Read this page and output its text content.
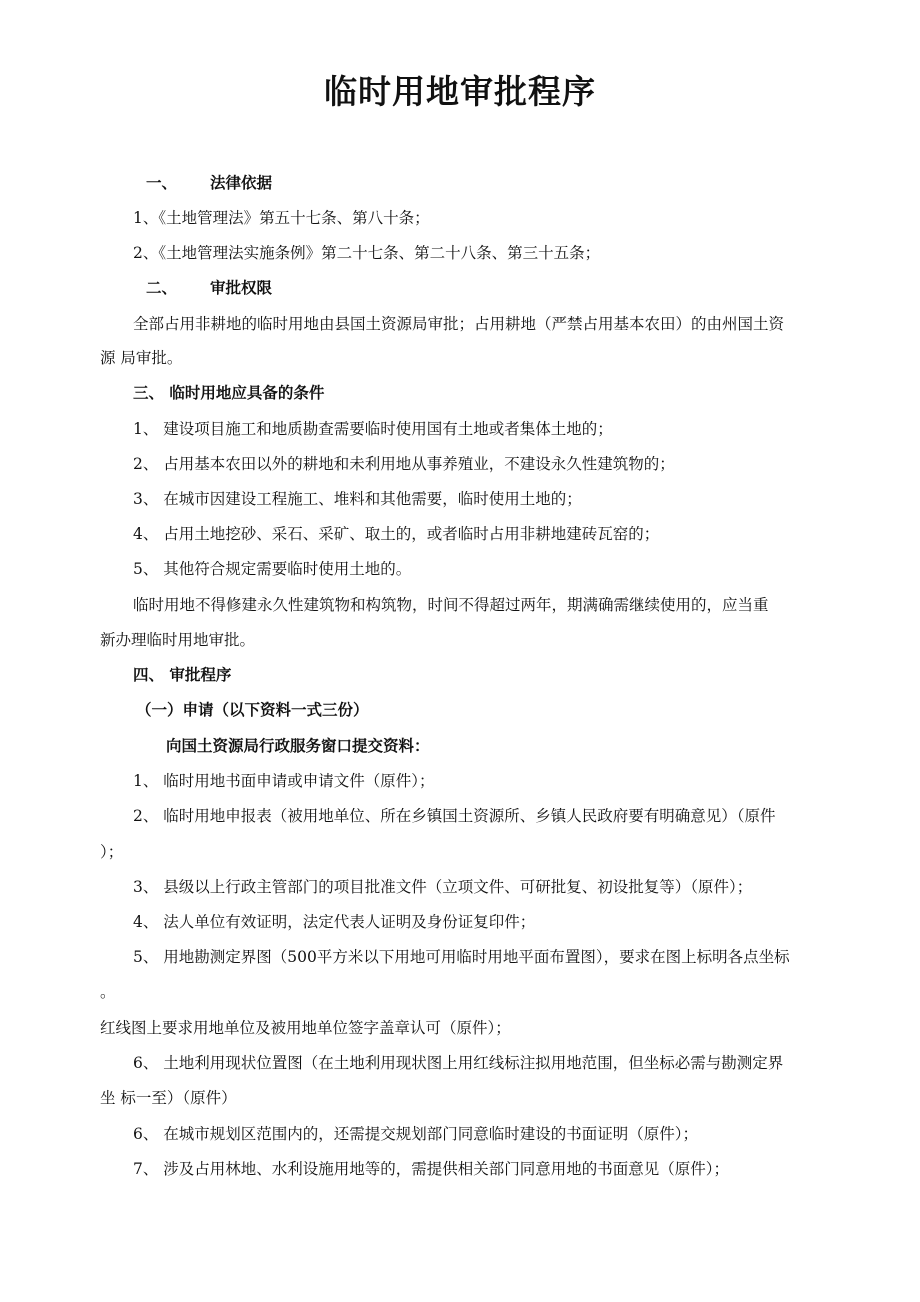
临时用地审批程序
一、 法律依据
1、《土地管理法》第五十七条、第八十条；
2、《土地管理法实施条例》第二十七条、第二十八条、第三十五条；
二、 审批权限
全部占用非耕地的临时用地由县国土资源局审批；占用耕地（严禁占用基本农田）的由州国土资
源 局审批。
三、 临时用地应具备的条件
1、 建设项目施工和地质勘查需要临时使用国有土地或者集体土地的；
2、 占用基本农田以外的耕地和未利用地从事养殖业，不建设永久性建筑物的；
3、 在城市因建设工程施工、堆料和其他需要，临时使用土地的；
4、 占用土地挖砂、采石、采矿、取土的，或者临时占用非耕地建砖瓦窑的；
5、 其他符合规定需要临时使用土地的。
临时用地不得修建永久性建筑物和构筑物，时间不得超过两年，期满确需继续使用的，应当重
新办理临时用地审批。
四、 审批程序
（一）申请（以下资料一式三份）
向国土资源局行政服务窗口提交资料：
1、 临时用地书面申请或申请文件（原件）；
2、 临时用地申报表（被用地单位、所在乡镇国土资源所、乡镇人民政府要有明确意见）（原件
）；
3、 县级以上行政主管部门的项目批准文件（立项文件、可研批复、初设批复等）（原件）；
4、 法人单位有效证明，法定代表人证明及身份证复印件；
5、 用地勘测定界图（500平方米以下用地可用临时用地平面布置图），要求在图上标明各点坐标
。
红线图上要求用地单位及被用地单位签字盖章认可（原件）；
6、 土地利用现状位置图（在土地利用现状图上用红线标注拟用地范围，但坐标必需与勘测定界
坐 标一至）（原件）
6、 在城市规划区范围内的，还需提交规划部门同意临时建设的书面证明（原件）；
7、 涉及占用林地、水利设施用地等的，需提供相关部门同意用地的书面意见（原件）；
